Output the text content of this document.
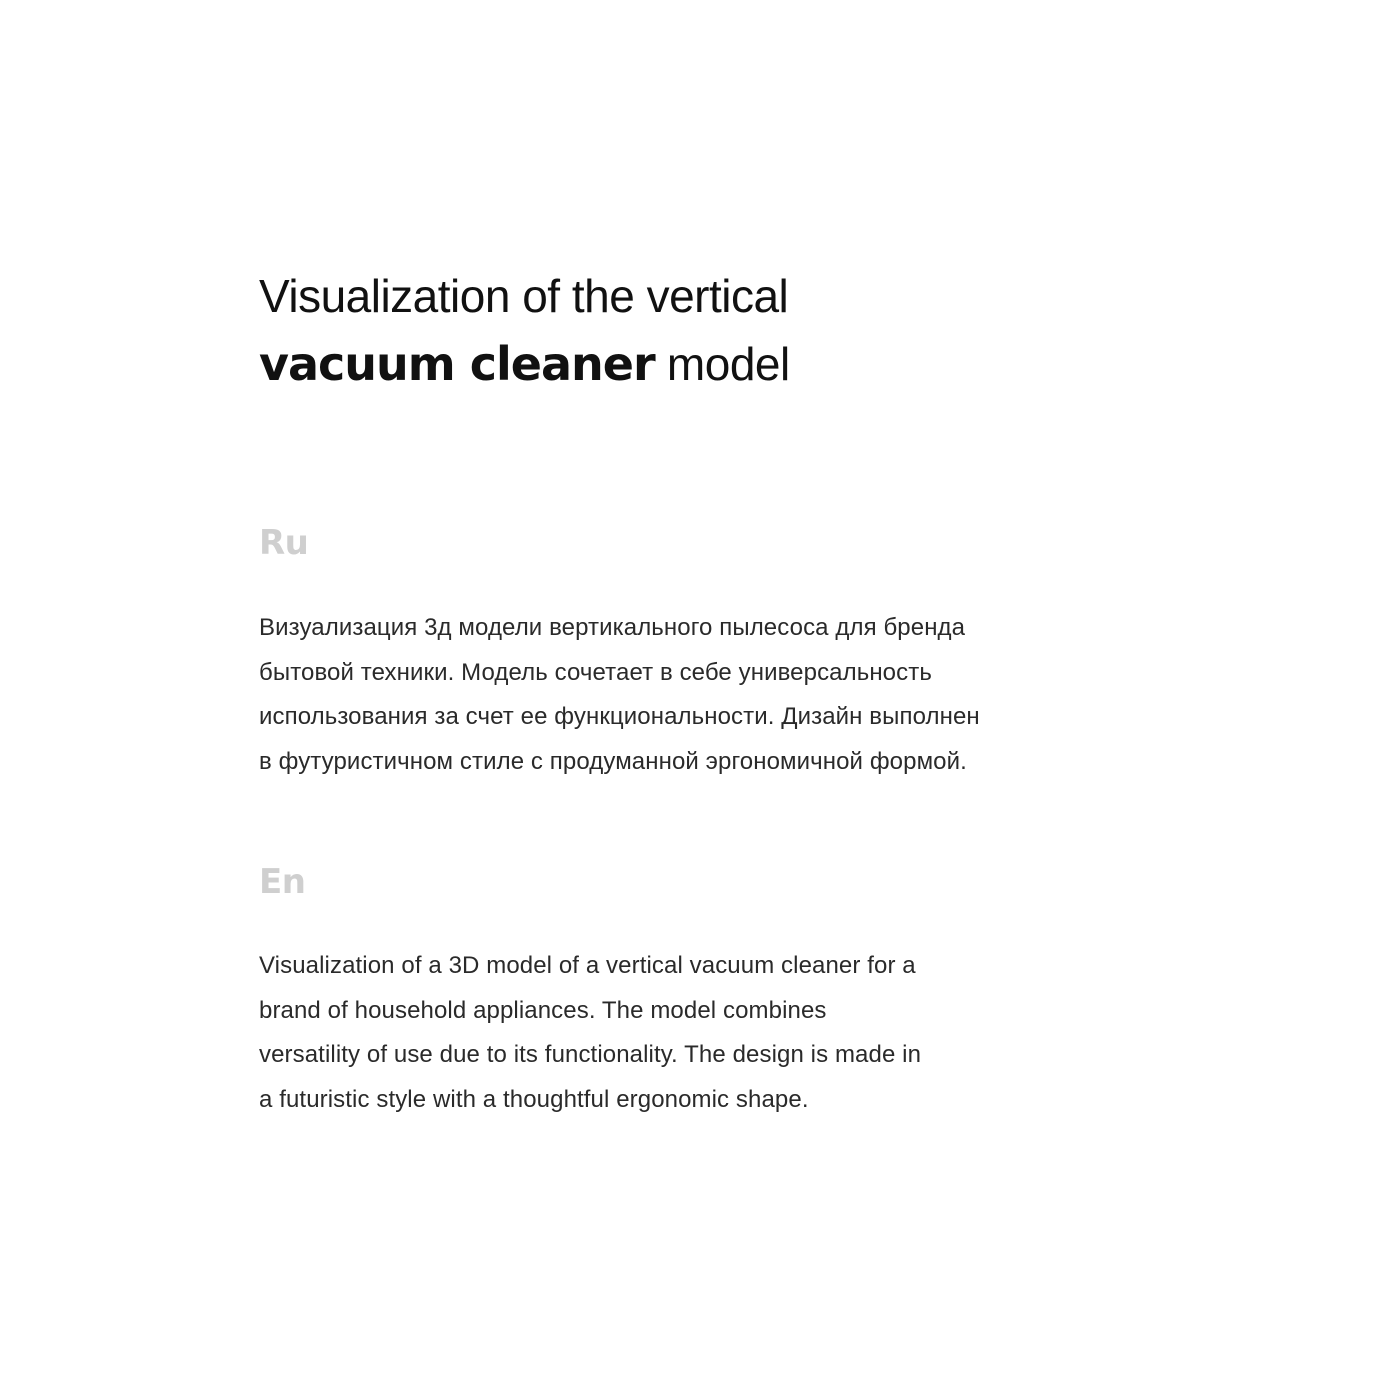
Visualization of the vertical
vacuum cleaner model
Ru

Визуализация 3д модели вертикального пылесоса для бренда
бытовой техники. Модель сочетает в себе универсальность
использования за счет ее функциональности. Дизайн выполнен
в футуристичном стиле с продуманной эргономичной формой.

En

Visualization of a 3D model of a vertical vacuum cleaner for a
brand of household appliances. The model combines
versatility of use due to its functionality. The design is made in
a futuristic style with a thoughtful ergonomic shape.
